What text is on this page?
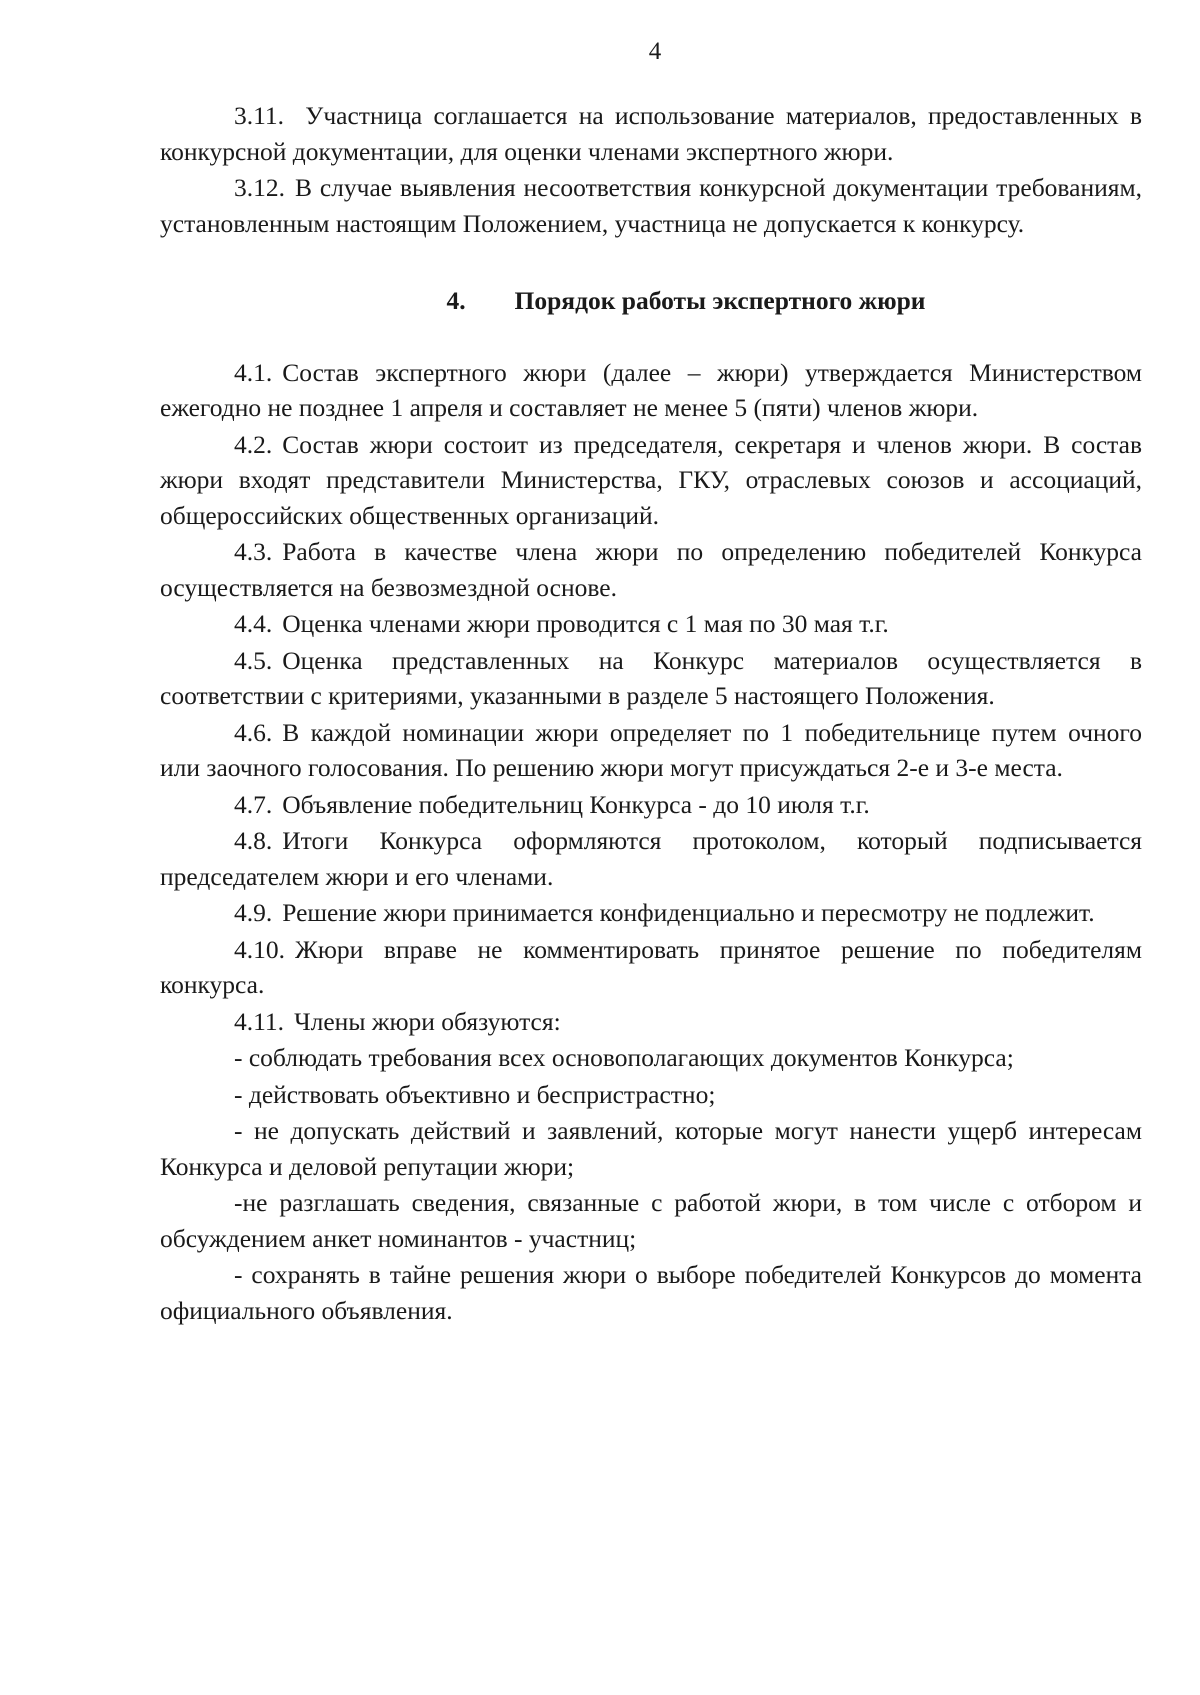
4

3.11. Участница соглашается на использование материалов, предоставленных в конкурсной документации, для оценки членами экспертного жюри.

3.12. В случае выявления несоответствия конкурсной документации требованиям, установленным настоящим Положением, участница не допускается к конкурсу.

4. Порядок работы экспертного жюри

4.1. Состав экспертного жюри (далее – жюри) утверждается Министерством ежегодно не позднее 1 апреля и составляет не менее 5 (пяти) членов жюри.

4.2. Состав жюри состоит из председателя, секретаря и членов жюри. В состав жюри входят представители Министерства, ГКУ, отраслевых союзов и ассоциаций, общероссийских общественных организаций.

4.3. Работа в качестве члена жюри по определению победителей Конкурса осуществляется на безвозмездной основе.

4.4. Оценка членами жюри проводится с 1 мая по 30 мая т.г.

4.5. Оценка представленных на Конкурс материалов осуществляется в соответствии с критериями, указанными в разделе 5 настоящего Положения.

4.6. В каждой номинации жюри определяет по 1 победительнице путем очного или заочного голосования. По решению жюри могут присуждаться 2-е и 3-е места.

4.7. Объявление победительниц Конкурса - до 10 июля т.г.

4.8. Итоги Конкурса оформляются протоколом, который подписывается председателем жюри и его членами.

4.9. Решение жюри принимается конфиденциально и пересмотру не подлежит.

4.10. Жюри вправе не комментировать принятое решение по победителям конкурса.

4.11. Члены жюри обязуются:

- соблюдать требования всех основополагающих документов Конкурса;

- действовать объективно и беспристрастно;

- не допускать действий и заявлений, которые могут нанести ущерб интересам Конкурса и деловой репутации жюри;

-не разглашать сведения, связанные с работой жюри, в том числе с отбором и обсуждением анкет номинантов - участниц;

- сохранять в тайне решения жюри о выборе победителей Конкурсов до момента официального объявления.
